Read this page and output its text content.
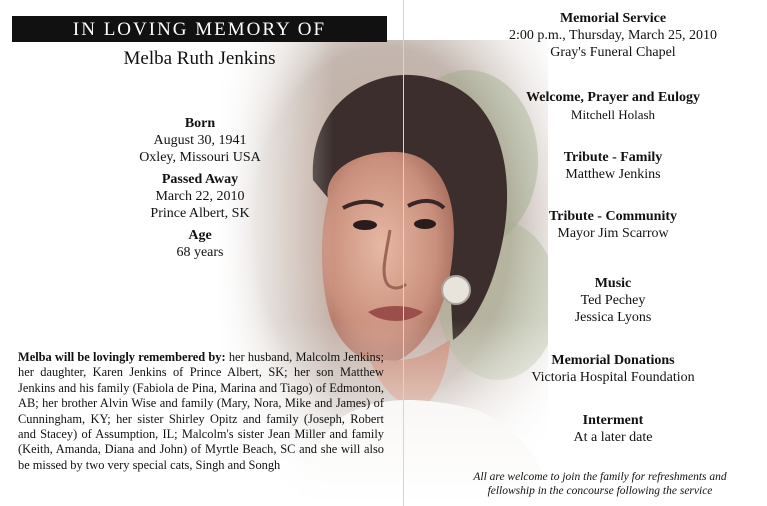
IN LOVING MEMORY OF
Melba Ruth Jenkins
Born
August 30, 1941
Oxley, Missouri USA
Passed Away
March 22, 2010
Prince Albert, SK
Age
68 years
Melba will be lovingly remembered by: her husband, Malcolm Jenkins; her daughter, Karen Jenkins of Prince Albert, SK; her son Matthew Jenkins and his family (Fabiola de Pina, Marina and Tiago) of Edmonton, AB; her brother Alvin Wise and family (Mary, Nora, Mike and James) of Cunningham, KY; her sister Shirley Opitz and family (Joseph, Robert and Stacey) of Assumption, IL; Malcolm's sister Jean Miller and family (Keith, Amanda, Diana and John) of Myrtle Beach, SC and she will also be missed by two very special cats, Singh and Songh
Memorial Service
2:00 p.m., Thursday, March 25, 2010
Gray's Funeral Chapel
Welcome, Prayer and Eulogy
Mitchell Holash
Tribute - Family
Matthew Jenkins
Tribute - Community
Mayor Jim Scarrow
Music
Ted Pechey
Jessica Lyons
Memorial Donations
Victoria Hospital Foundation
Interment
At a later date
All are welcome to join the family for refreshments and
fellowship in the concourse following the service
